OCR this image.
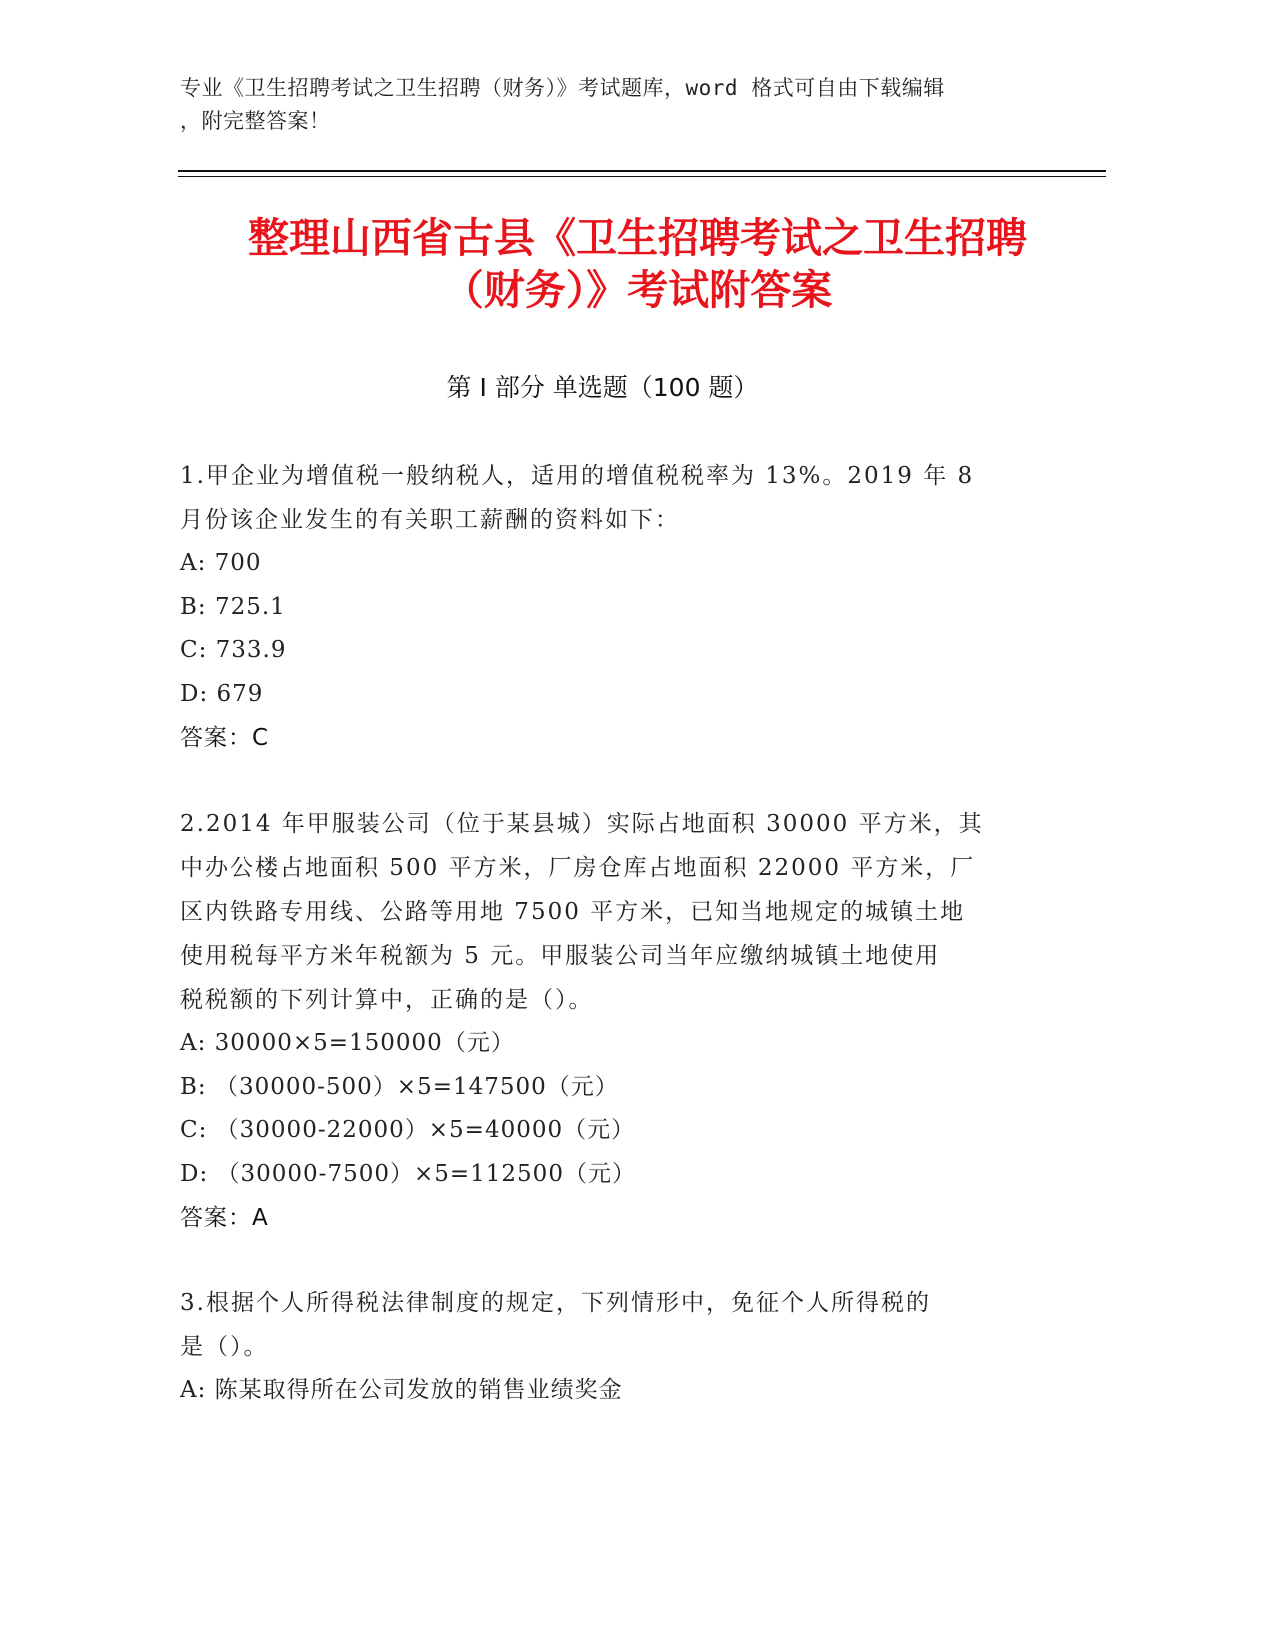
专业《卫生招聘考试之卫生招聘（财务）》考试题库，word 格式可自由下载编辑
，附完整答案！
整理山西省古县《卫生招聘考试之卫生招聘
（财务）》考试附答案
第 I 部分 单选题（100 题）
1.甲企业为增值税一般纳税人，适用的增值税税率为 13%。2019 年 8
月份该企业发生的有关职工薪酬的资料如下：
A: 700
B: 725.1
C: 733.9
D: 679
答案：C
2.2014 年甲服装公司（位于某县城）实际占地面积 30000 平方米，其
中办公楼占地面积 500 平方米，厂房仓库占地面积 22000 平方米，厂
区内铁路专用线、公路等用地 7500 平方米，已知当地规定的城镇土地
使用税每平方米年税额为 5 元。甲服装公司当年应缴纳城镇土地使用
税税额的下列计算中，正确的是（）。
A: 30000×5=150000（元）
B: （30000-500）×5=147500（元）
C: （30000-22000）×5=40000（元）
D: （30000-7500）×5=112500（元）
答案：A
3.根据个人所得税法律制度的规定，下列情形中，免征个人所得税的
是（）。
A: 陈某取得所在公司发放的销售业绩奖金
